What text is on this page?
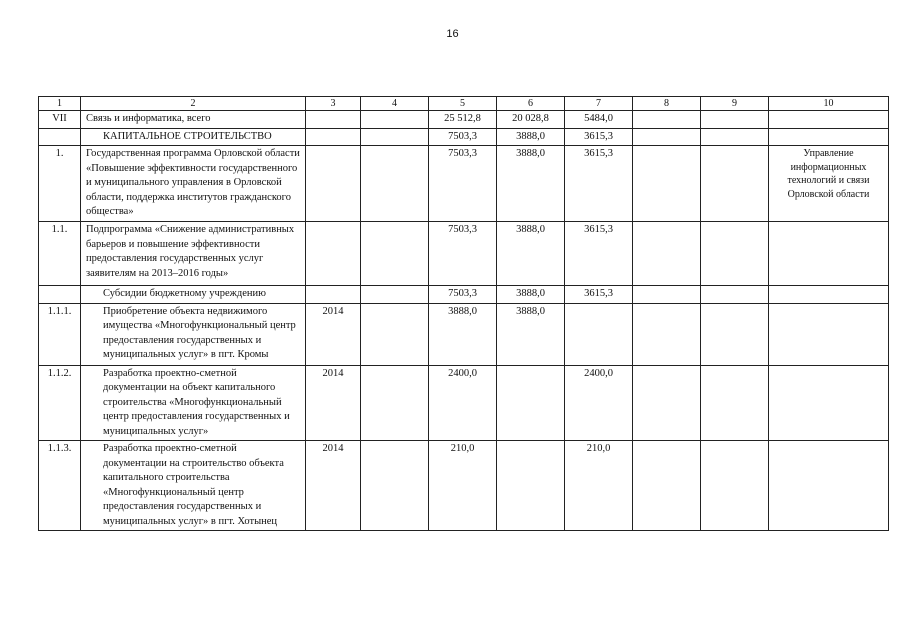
16
1	2	3	4	5	6	7	8	9	10
VII	Связь и информатика, всего			25 512,8	20 028,8	5484,0			
	КАПИТАЛЬНОЕ СТРОИТЕЛЬСТВО			7503,3	3888,0	3615,3			
1.	Государственная программа Орловской области «Повышение эффективности государственного и муниципального управления в Орловской области, поддержка институтов гражданского общества»			7503,3	3888,0	3615,3			Управление информационных технологий и связи Орловской области
1.1.	Подпрограмма «Снижение административных барьеров и повышение эффективности предоставления государственных услуг заявителям на 2013–2016 годы»			7503,3	3888,0	3615,3			
	Субсидии бюджетному учреждению			7503,3	3888,0	3615,3			
1.1.1.	Приобретение объекта недвижимого имущества «Многофункциональный центр предоставления государственных и муниципальных услуг» в пгт. Кромы	2014		3888,0	3888,0				
1.1.2.	Разработка проектно-сметной документации на объект капитального строительства «Многофункциональный центр предоставления государственных и муниципальных услуг»	2014		2400,0		2400,0			
1.1.3.	Разработка проектно-сметной документации на строительство объекта капитального строительства «Многофункциональный центр предоставления государственных и муниципальных услуг» в пгт. Хотынец	2014		210,0		210,0			
